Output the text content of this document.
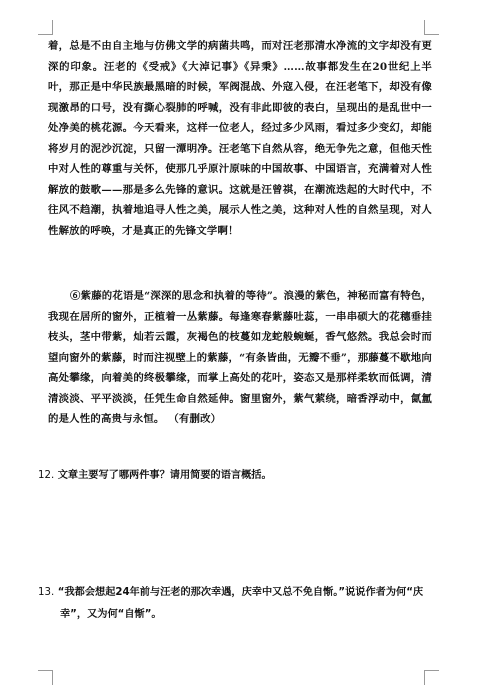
着，总是不由自主地与仿佛文学的病菌共鸣，而对汪老那清水净流的文字却没有更深的印象。汪老的《受戒》《大淖记事》《异秉》……故事都发生在20世纪上半叶，那正是中华民族最黑暗的时候，军阀混战、外寇入侵，在汪老笔下，却没有像现激昂的口号，没有撕心裂肺的呼喊，没有非此即彼的表白，呈现出的是乱世中一处净美的桃花源。今天看来，这样一位老人，经过多少风雨，看过多少变幻，却能将岁月的泥沙沉淀，只留一潭明净。汪老笔下自然从容，绝无争先之意，但他天性中对人性的尊重与关怀，使那几乎原汁原味的中国故事、中国语言，充满着对人性解放的鼓歌——那是多么先锋的意识。这就是汪曾祺，在潮流迭起的大时代中，不往风不趋潮，执着地追寻人性之美，展示人性之美，这种对人性的自然呈现，对人性解放的呼唤，才是真正的先锋文学啊！

⑥紫藤的花语是“深深的思念和执着的等待”。浪漫的紫色，神秘而富有特色，我现在居所的窗外，正植着一丛紫藤。每逢寒春紫藤吐蕊，一串串硕大的花穗垂挂枝头，茎中带紫，灿若云霞，灰褐色的枝蔓如龙蛇般蜿蜒，香气悠然。我总会时而望向窗外的紫藤，时而注视壁上的紫藤，“有条皆曲，无瓣不垂”，那藤蔓不歇地向高处攀缘，向着美的终极攀缘，而掌上高处的花叶，姿态又是那样柔软而低调，清清淡淡、平平淡淡，任凭生命自然延伸。窗里窗外，紫气萦绕，暗香浮动中，氤氲的是人性的高贵与永恒。 （有删改）

12. 文章主要写了哪两件事？请用简要的语言概括。

13. “我都会想起24年前与汪老的那次幸遇，庆幸中又总不免自惭。”说说作者为何“庆幸”，又为何“自惭”。
